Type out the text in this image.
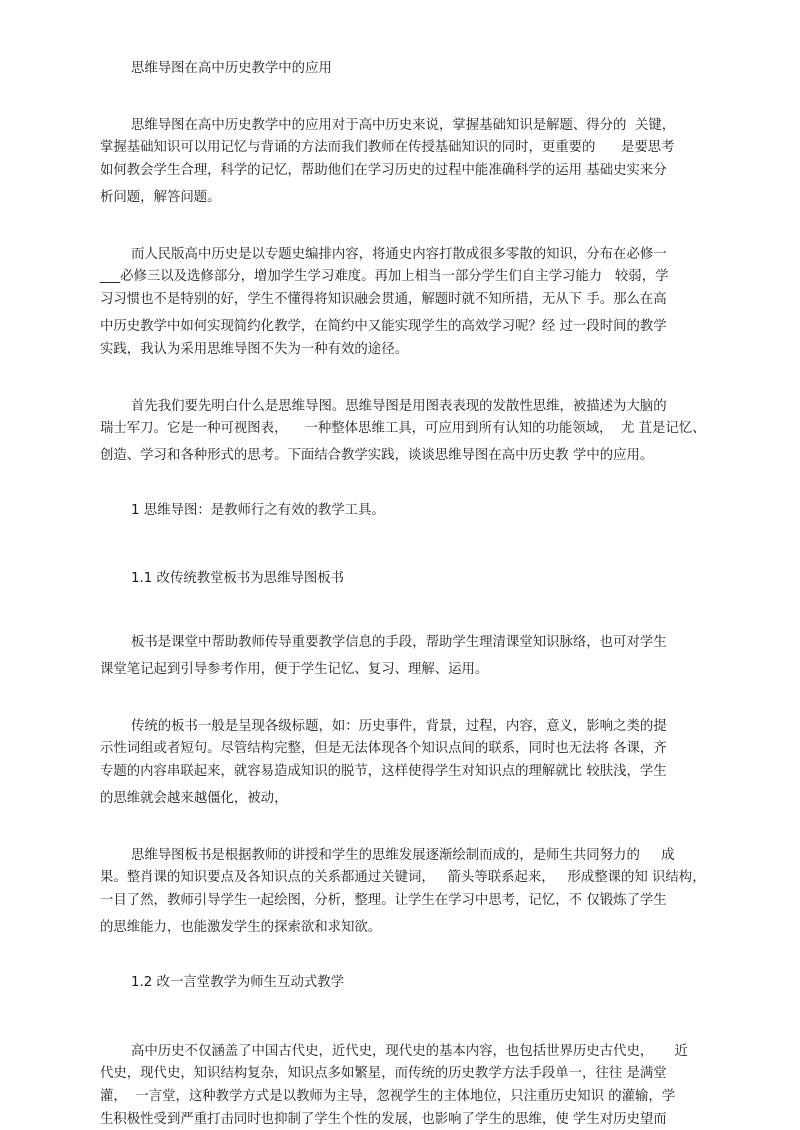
思维导图在高中历史教学中的应用

思维导图在高中历史教学中的应用对于高中历史来说，掌握基础知识是解题、得分的  关键，

掌握基础知识可以用记忆与背诵的方法而我们教师在传授基础知识的同时，更重要的      是要思考

如何教会学生合理，科学的记忆，帮助他们在学习历史的过程中能准确科学的运用 基础史实来分

析问题，解答问题。

而人民版高中历史是以专题史编排内容，将通史内容打散成很多零散的知识，分布在必修一

___必修三以及选修部分，增加学生学习难度。再加上相当一部分学生们自主学习能力   较弱，学

习习惯也不是特别的好，学生不懂得将知识融会贯通，解题时就不知所措，无从下 手。那么在高

中历史教学中如何实现简约化教学，在简约中又能实现学生的高效学习呢？经 过一段时间的教学

实践，我认为采用思维导图不失为一种有效的途径。

首先我们要先明白什么是思维导图。思维导图是用图表表现的发散性思维，被描述为大脑的

瑞士军刀。它是一种可视图表，    一种整体思维工具，可应用到所有认知的功能领域，  尤 苴是记忆、

创造、学习和各种形式的思考。下面结合教学实践，谈谈思维导图在高中历史教 学中的应用。

1 思维导图：是教师行之有效的教学工具。

1.1 改传统教堂板书为思维导图板书

板书是课堂中帮助教师传导重要教学信息的手段，帮助学生理清课堂知识脉络，也可对学生

课堂笔记起到引导参考作用，便于学生记忆、复习、理解、运用。

传统的板书一般是呈现各级标题，如：历史事件，背景，过程，内容，意义，影响之类的提

示性词组或者短句。尽管结构完整，但是无法体现各个知识点间的联系，同时也无法将 各课，齐

专题的内容串联起来，就容易造成知识的脱节，这样使得学生对知识点的理解就比 较肤浅，学生

的思维就会越来越僵化，被动，

思维导图板书是根据教师的讲授和学生的思维发展逐渐绘制而成的，是师生共同努力的     成

果。整肖课的知识要点及各知识点的关系都通过关键词，   箭头等联系起来，   形成整课的知 识结构，

一目了然，教师引导学生一起绘图，分析，整理。让学生在学习中思考，记忆，不 仅锻炼了学生

的思维能力，也能激发学生的探索欲和求知欲。

1.2 改一言堂教学为师生互动式教学

高中历史不仅涵盖了中国古代史，近代史，现代史的基本内容，也包括世界历史古代史，     近

代史，现代史，知识结构复杂，知识点多如繁星，而传统的历史教学方法手段单一，往往 是满堂

灌，  一言堂，这种教学方式是以教师为主导，忽视学生的主体地位，只注重历史知识 的灌输，学

生积极性受到严重打击同时也抑制了学生个性的发展，也影响了学生的思维，使 学生对历史望而
